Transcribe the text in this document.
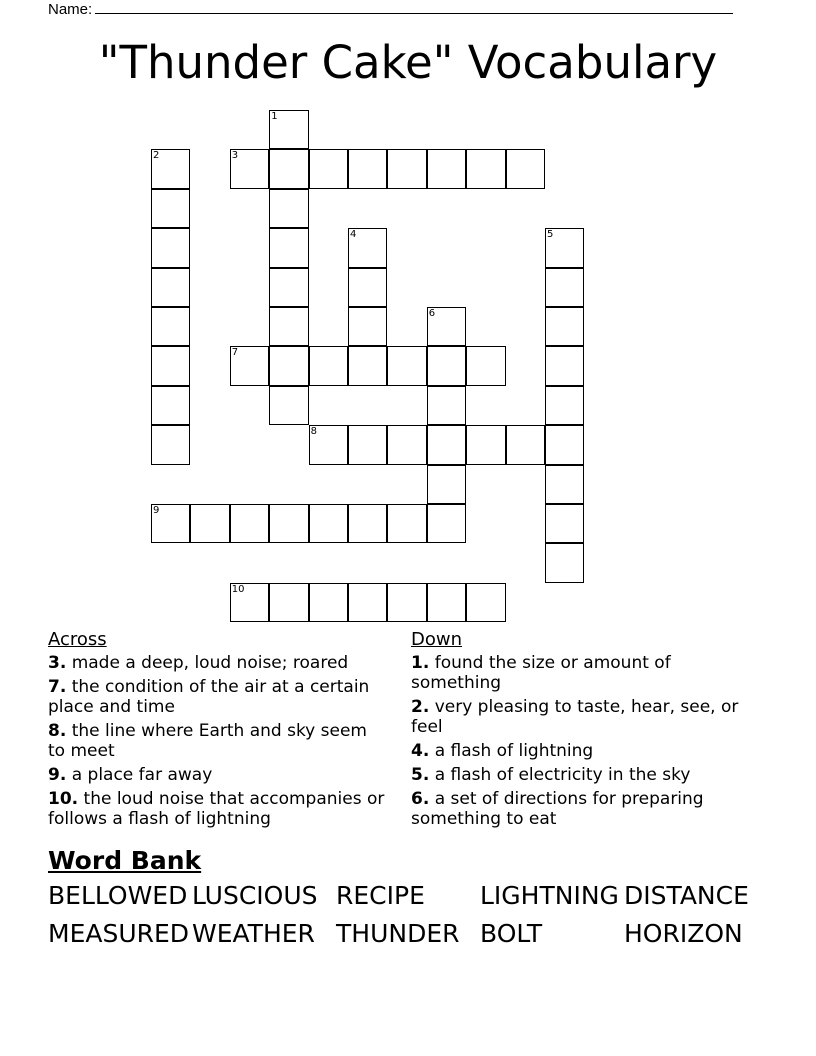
Name:
"Thunder Cake" Vocabulary
1
2	3
4	5
6
7
8
9
10
Across
3. made a deep, loud noise; roared
7. the condition of the air at a certain place and time
8. the line where Earth and sky seem to meet
9. a place far away
10. the loud noise that accompanies or follows a flash of lightning
Down
1. found the size or amount of something
2. very pleasing to taste, hear, see, or feel
4. a flash of lightning
5. a flash of electricity in the sky
6. a set of directions for preparing something to eat
Word Bank
BELLOWED LUSCIOUS RECIPE LIGHTNING DISTANCE
MEASURED WEATHER THUNDER BOLT	HORIZON
